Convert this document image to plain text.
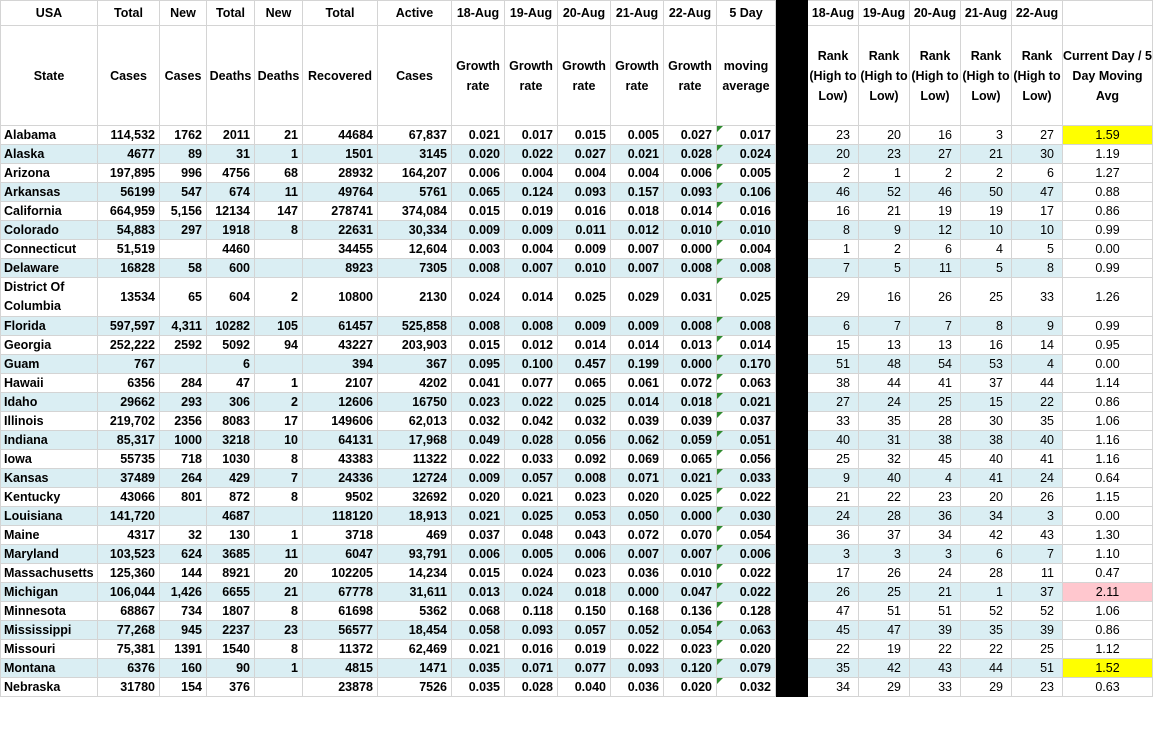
USA	Total	New	Total	New	Total	Active	18-Aug	19-Aug	20-Aug	21-Aug	22-Aug	5 Day		18-Aug	19-Aug	20-Aug	21-Aug	22-Aug	
State	Cases	Cases	Deaths	Deaths	Recovered	Cases	Growth rate	Growth rate	Growth rate	Growth rate	Growth rate	moving average		Rank (High to Low)	Rank (High to Low)	Rank (High to Low)	Rank (High to Low)	Rank (High to Low)	Current Day / 5 Day Moving Avg
Alabama	114,532	1762	2011	21	44684	67,837	0.021	0.017	0.015	0.005	0.027	0.017		23	20	16	3	27	1.59
Alaska	4677	89	31	1	1501	3145	0.020	0.022	0.027	0.021	0.028	0.024		20	23	27	21	30	1.19
Arizona	197,895	996	4756	68	28932	164,207	0.006	0.004	0.004	0.004	0.006	0.005		2	1	2	2	6	1.27
Arkansas	56199	547	674	11	49764	5761	0.065	0.124	0.093	0.157	0.093	0.106		46	52	46	50	47	0.88
California	664,959	5,156	12134	147	278741	374,084	0.015	0.019	0.016	0.018	0.014	0.016		16	21	19	19	17	0.86
Colorado	54,883	297	1918	8	22631	30,334	0.009	0.009	0.011	0.012	0.010	0.010		8	9	12	10	10	0.99
Connecticut	51,519		4460		34455	12,604	0.003	0.004	0.009	0.007	0.000	0.004		1	2	6	4	5	0.00
Delaware	16828	58	600		8923	7305	0.008	0.007	0.010	0.007	0.008	0.008		7	5	11	5	8	0.99
District Of Columbia	13534	65	604	2	10800	2130	0.024	0.014	0.025	0.029	0.031	0.025		29	16	26	25	33	1.26
Florida	597,597	4,311	10282	105	61457	525,858	0.008	0.008	0.009	0.009	0.008	0.008		6	7	7	8	9	0.99
Georgia	252,222	2592	5092	94	43227	203,903	0.015	0.012	0.014	0.014	0.013	0.014		15	13	13	16	14	0.95
Guam	767		6		394	367	0.095	0.100	0.457	0.199	0.000	0.170		51	48	54	53	4	0.00
Hawaii	6356	284	47	1	2107	4202	0.041	0.077	0.065	0.061	0.072	0.063		38	44	41	37	44	1.14
Idaho	29662	293	306	2	12606	16750	0.023	0.022	0.025	0.014	0.018	0.021		27	24	25	15	22	0.86
Illinois	219,702	2356	8083	17	149606	62,013	0.032	0.042	0.032	0.039	0.039	0.037		33	35	28	30	35	1.06
Indiana	85,317	1000	3218	10	64131	17,968	0.049	0.028	0.056	0.062	0.059	0.051		40	31	38	38	40	1.16
Iowa	55735	718	1030	8	43383	11322	0.022	0.033	0.092	0.069	0.065	0.056		25	32	45	40	41	1.16
Kansas	37489	264	429	7	24336	12724	0.009	0.057	0.008	0.071	0.021	0.033		9	40	4	41	24	0.64
Kentucky	43066	801	872	8	9502	32692	0.020	0.021	0.023	0.020	0.025	0.022		21	22	23	20	26	1.15
Louisiana	141,720		4687		118120	18,913	0.021	0.025	0.053	0.050	0.000	0.030		24	28	36	34	3	0.00
Maine	4317	32	130	1	3718	469	0.037	0.048	0.043	0.072	0.070	0.054		36	37	34	42	43	1.30
Maryland	103,523	624	3685	11	6047	93,791	0.006	0.005	0.006	0.007	0.007	0.006		3	3	3	6	7	1.10
Massachusetts	125,360	144	8921	20	102205	14,234	0.015	0.024	0.023	0.036	0.010	0.022		17	26	24	28	11	0.47
Michigan	106,044	1,426	6655	21	67778	31,611	0.013	0.024	0.018	0.000	0.047	0.022		26	25	21	1	37	2.11
Minnesota	68867	734	1807	8	61698	5362	0.068	0.118	0.150	0.168	0.136	0.128		47	51	51	52	52	1.06
Mississippi	77,268	945	2237	23	56577	18,454	0.058	0.093	0.057	0.052	0.054	0.063		45	47	39	35	39	0.86
Missouri	75,381	1391	1540	8	11372	62,469	0.021	0.016	0.019	0.022	0.023	0.020		22	19	22	22	25	1.12
Montana	6376	160	90	1	4815	1471	0.035	0.071	0.077	0.093	0.120	0.079		35	42	43	44	51	1.52
Nebraska	31780	154	376		23878	7526	0.035	0.028	0.040	0.036	0.020	0.032		34	29	33	29	23	0.63
